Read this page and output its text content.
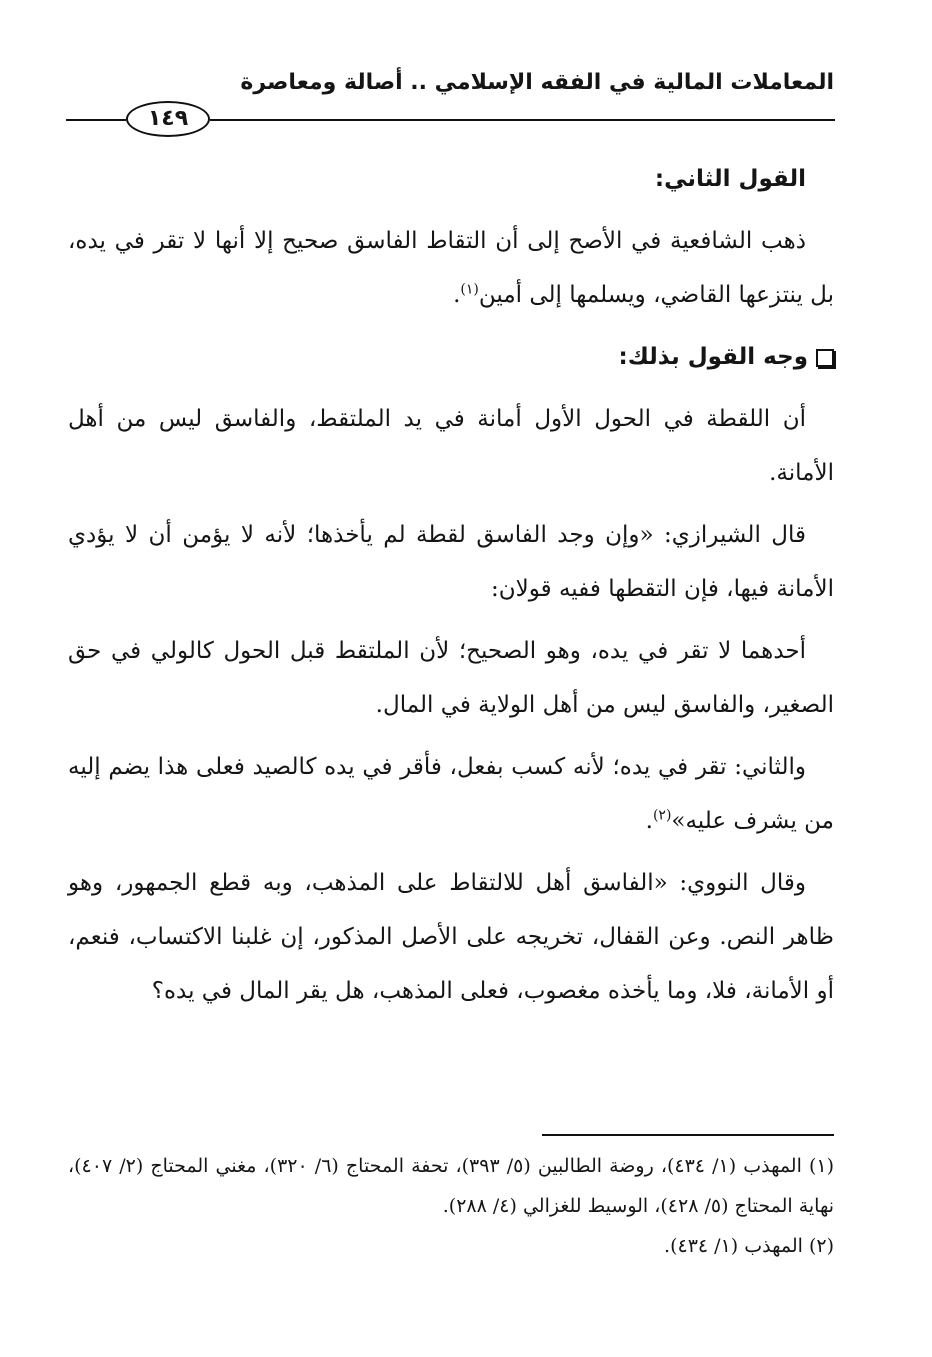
المعاملات المالية في الفقه الإسلامي .. أصالة ومعاصرة
١٤٩

القول الثاني:

ذهب الشافعية في الأصح إلى أن التقاط الفاسق صحيح إلا أنها لا تقر في يده، بل ينتزعها القاضي، ويسلمها إلى أمين$^{(١)}$.

وجه القول بذلك:

أن اللقطة في الحول الأول أمانة في يد الملتقط، والفاسق ليس من أهل الأمانة.

قال الشيرازي: «وإن وجد الفاسق لقطة لم يأخذها؛ لأنه لا يؤمن أن لا يؤدي الأمانة فيها، فإن التقطها ففيه قولان:

أحدهما لا تقر في يده، وهو الصحيح؛ لأن الملتقط قبل الحول كالولي في حق الصغير، والفاسق ليس من أهل الولاية في المال.

والثاني: تقر في يده؛ لأنه كسب بفعل، فأقر في يده كالصيد فعلى هذا يضم إليه من يشرف عليه»$^{(٢)}$.

وقال النووي: «الفاسق أهل للالتقاط على المذهب، وبه قطع الجمهور، وهو ظاهر النص. وعن القفال، تخريجه على الأصل المذكور، إن غلبنا الاكتساب، فنعم، أو الأمانة، فلا، وما يأخذه مغصوب، فعلى المذهب، هل يقر المال في يده؟

(١) المهذب (١/ ٤٣٤)، روضة الطالبين (٥/ ٣٩٣)، تحفة المحتاج (٦/ ٣٢٠)، مغني المحتاج (٢/ ٤٠٧)، نهاية المحتاج (٥/ ٤٢٨)، الوسيط للغزالي (٤/ ٢٨٨).

(٢) المهذب (١/ ٤٣٤).
